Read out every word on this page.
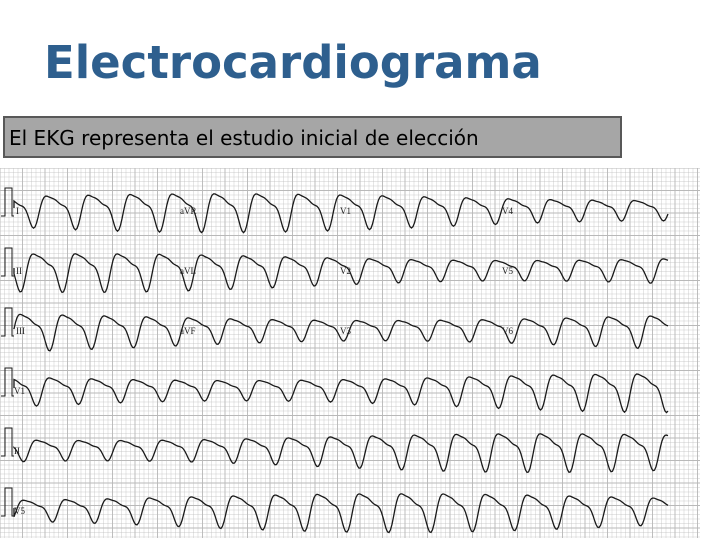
Electrocardiograma
El EKG representa el estudio inicial de elección
I	aVR	V1	V4
II	aVL	V2	V5
III	aVF	V3	V6
V1
II
V5
